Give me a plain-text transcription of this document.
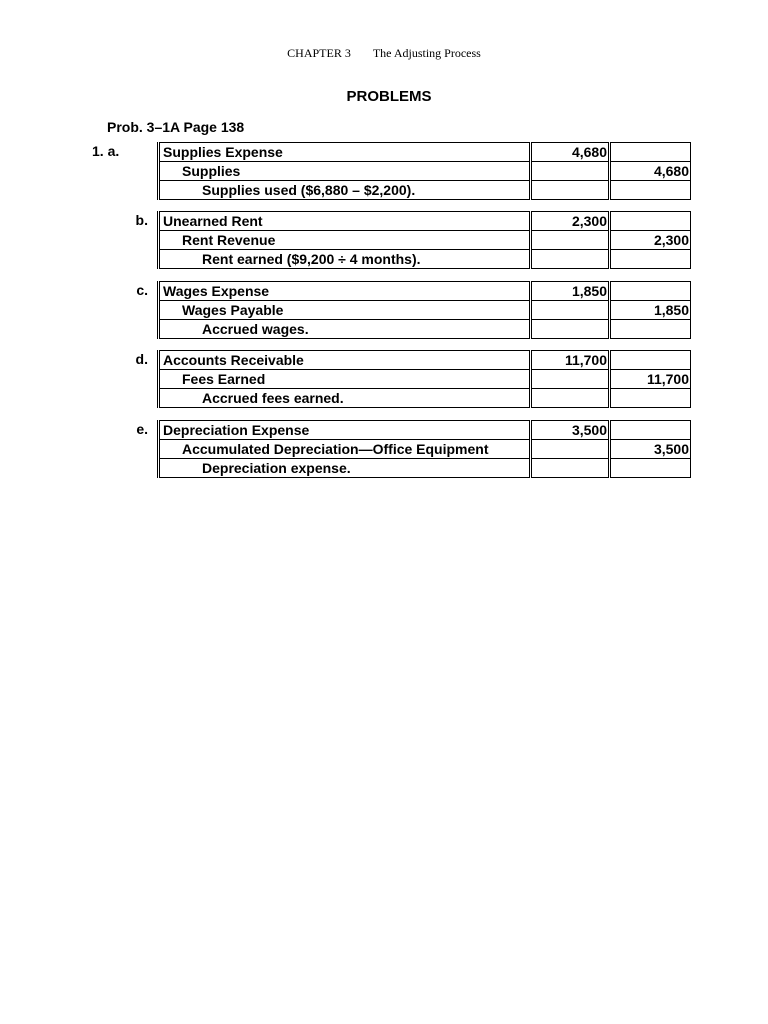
CHAPTER 3 The Adjusting Process
PROBLEMS
Prob. 3–1A Page 138
1. a.	Supplies Expense	4,680	
Supplies		4,680
Supplies used ($6,880 – $2,200).		
b. Unearned Rent	2,300	
Rent Revenue		2,300
Rent earned ($9,200 ÷ 4 months).		
c. Wages Expense	1,850	
Wages Payable		1,850
Accrued wages.		
d. Accounts Receivable	11,700	
Fees Earned		11,700
Accrued fees earned.		
e. Depreciation Expense	3,500	
Accumulated Depreciation—Office Equipment		3,500
Depreciation expense.		
